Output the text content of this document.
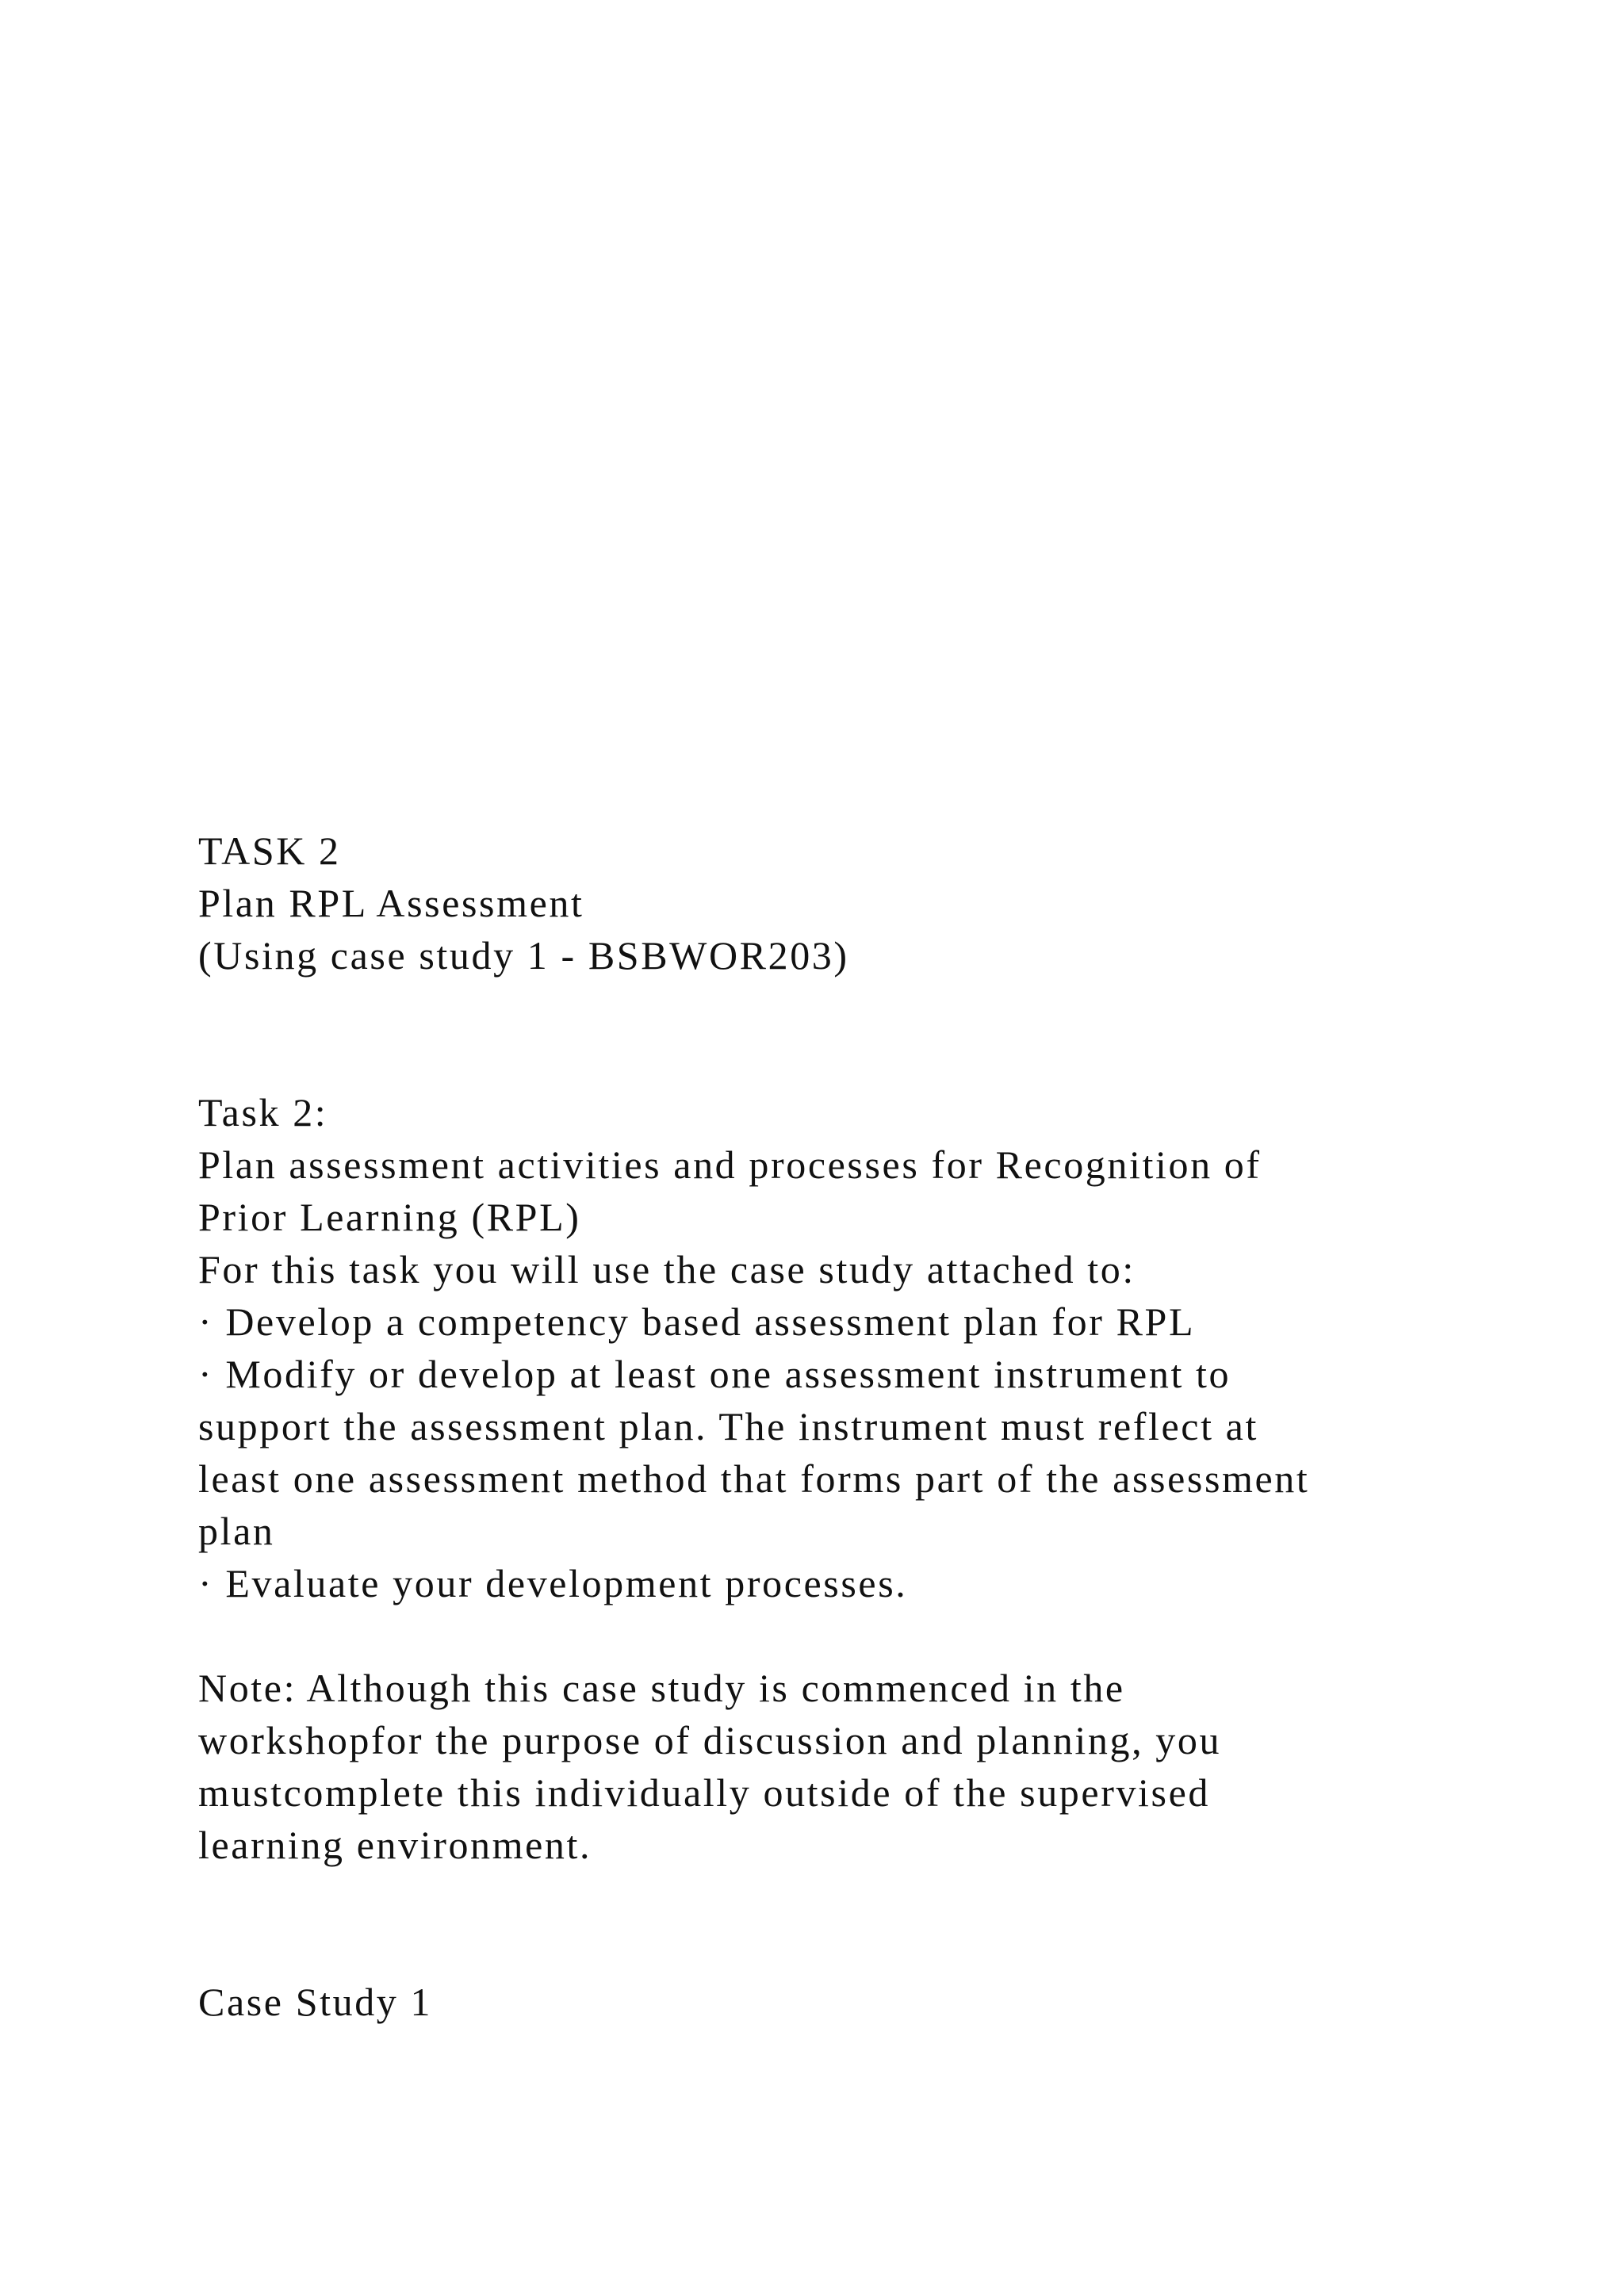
TASK 2
Plan RPL Assessment
(Using case study 1 - BSBWOR203)
Task 2:
Plan assessment activities and processes for Recognition of
Prior Learning (RPL)
For this task you will use the case study attached to:
· Develop a competency based assessment plan for RPL
· Modify or develop at least one assessment instrument to
support the assessment plan. The instrument must reflect at
least one assessment method that forms part of the assessment
plan
· Evaluate your development processes.
Note: Although this case study is commenced in the
workshopfor the purpose of discussion and planning, you
mustcomplete this individually outside of the supervised
learning environment.
Case Study 1
